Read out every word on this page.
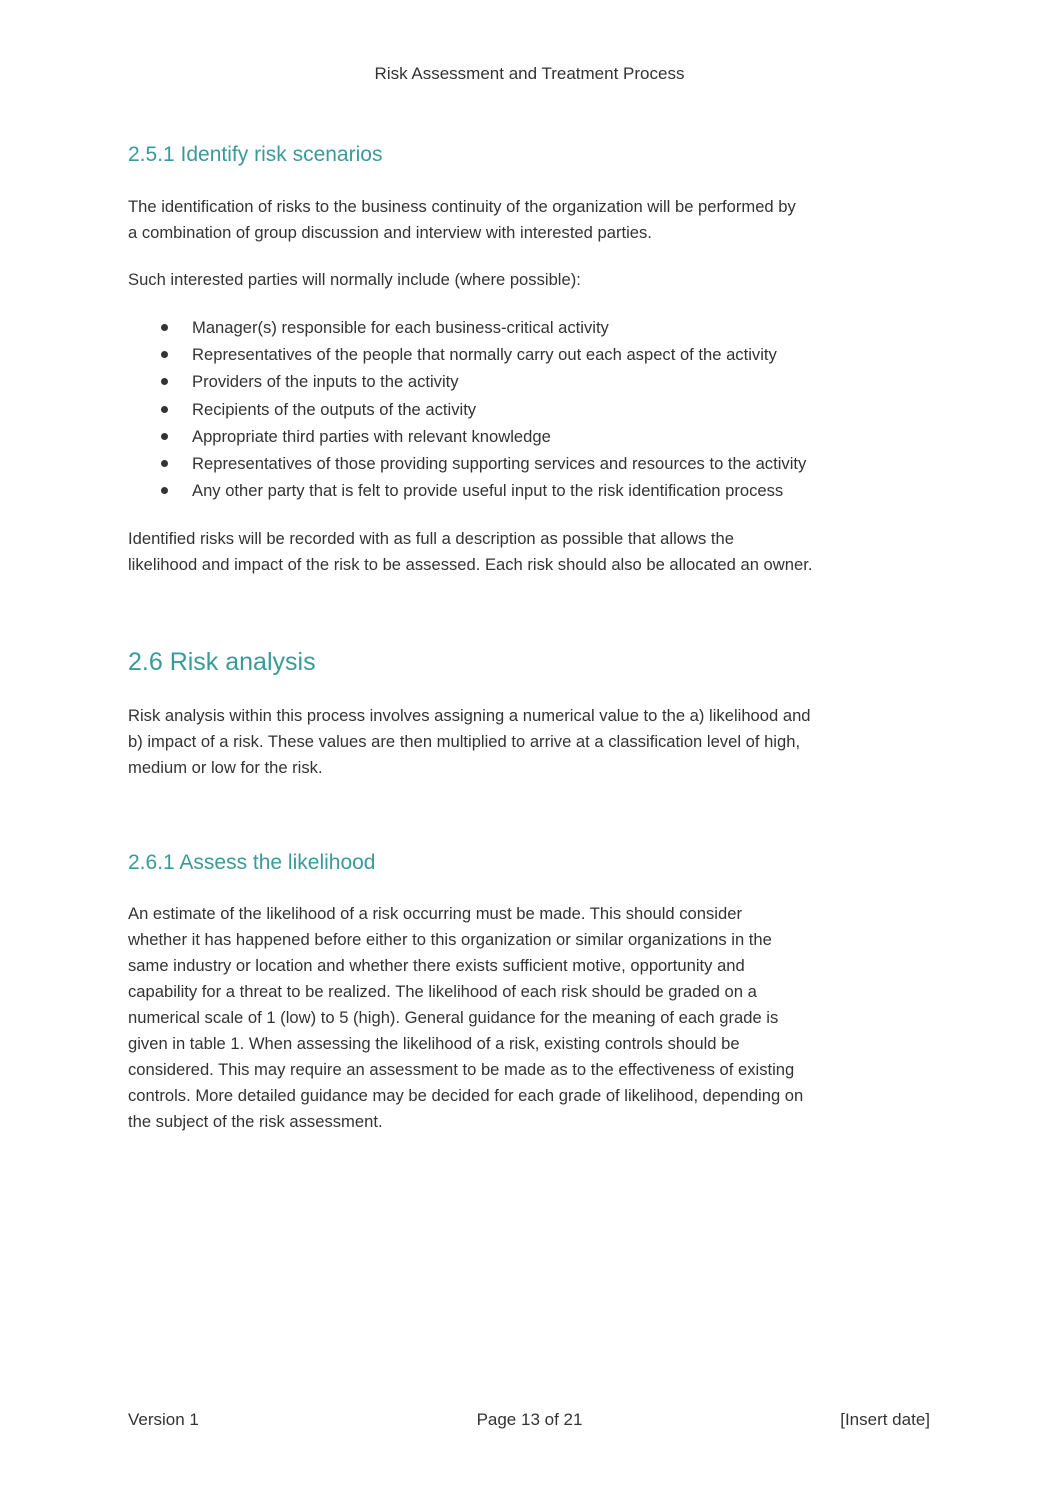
Risk Assessment and Treatment Process
2.5.1 Identify risk scenarios
The identification of risks to the business continuity of the organization will be performed by
a combination of group discussion and interview with interested parties.
Such interested parties will normally include (where possible):
Manager(s) responsible for each business-critical activity
Representatives of the people that normally carry out each aspect of the activity
Providers of the inputs to the activity
Recipients of the outputs of the activity
Appropriate third parties with relevant knowledge
Representatives of those providing supporting services and resources to the activity
Any other party that is felt to provide useful input to the risk identification process
Identified risks will be recorded with as full a description as possible that allows the
likelihood and impact of the risk to be assessed. Each risk should also be allocated an owner.
2.6 Risk analysis
Risk analysis within this process involves assigning a numerical value to the a) likelihood and
b) impact of a risk. These values are then multiplied to arrive at a classification level of high,
medium or low for the risk.
2.6.1 Assess the likelihood
An estimate of the likelihood of a risk occurring must be made. This should consider
whether it has happened before either to this organization or similar organizations in the
same industry or location and whether there exists sufficient motive, opportunity and
capability for a threat to be realized. The likelihood of each risk should be graded on a
numerical scale of 1 (low) to 5 (high). General guidance for the meaning of each grade is
given in table 1. When assessing the likelihood of a risk, existing controls should be
considered. This may require an assessment to be made as to the effectiveness of existing
controls. More detailed guidance may be decided for each grade of likelihood, depending on
the subject of the risk assessment.
Version 1	Page 13 of 21	[Insert date]
